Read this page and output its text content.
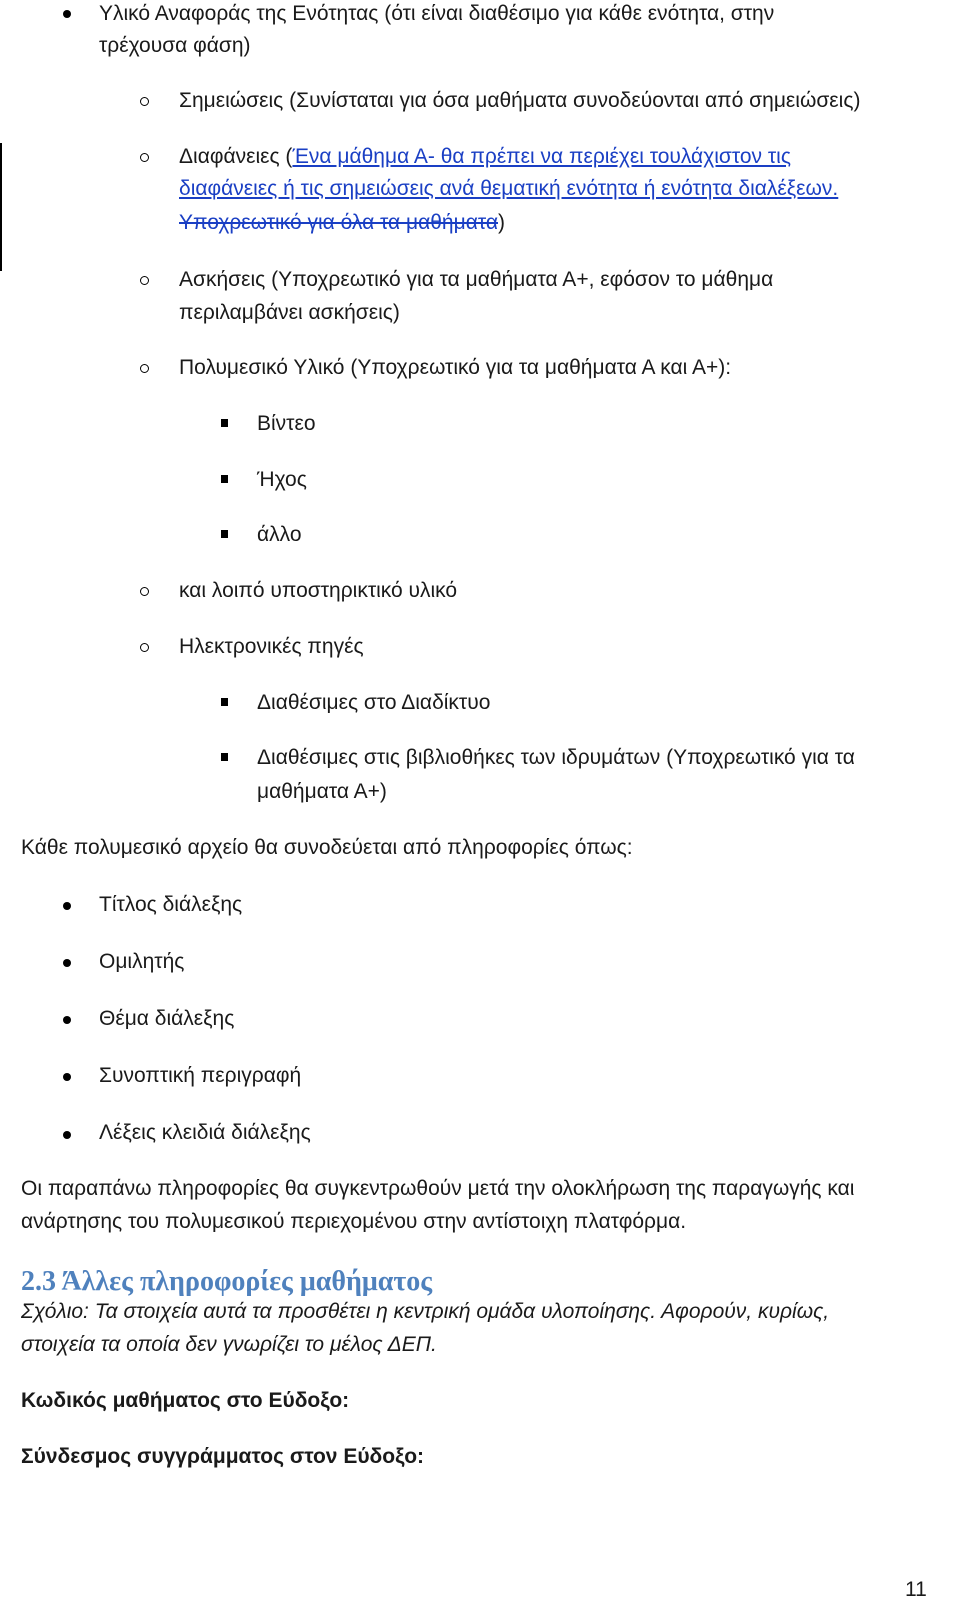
Υλικό Αναφοράς της Ενότητας (ότι είναι διαθέσιμο για κάθε ενότητα, στην
τρέχουσα φάση)
Σημειώσεις (Συνίσταται για όσα μαθήματα συνοδεύονται από σημειώσεις)
Διαφάνειες (Ένα μάθημα Α- θα πρέπει να περιέχει τουλάχιστον τις
διαφάνειες ή τις σημειώσεις ανά θεματική ενότητα ή ενότητα διαλέξεων.
Υποχρεωτικό για όλα τα μαθήματα)
Ασκήσεις (Υποχρεωτικό για τα μαθήματα Α+, εφόσον το μάθημα
περιλαμβάνει ασκήσεις)
Πολυμεσικό Υλικό (Υποχρεωτικό για τα μαθήματα Α και Α+):
Βίντεο
Ήχος
άλλο
και λοιπό υποστηρικτικό υλικό
Ηλεκτρονικές πηγές
Διαθέσιμες στο Διαδίκτυο
Διαθέσιμες στις βιβλιοθήκες των ιδρυμάτων (Υποχρεωτικό για τα
μαθήματα Α+)
Κάθε πολυμεσικό αρχείο θα συνοδεύεται από πληροφορίες όπως:
Τίτλος διάλεξης
Ομιλητής
Θέμα διάλεξης
Συνοπτική περιγραφή
Λέξεις κλειδιά διάλεξης
Οι παραπάνω πληροφορίες θα συγκεντρωθούν μετά την ολοκλήρωση της παραγωγής και
ανάρτησης του πολυμεσικού περιεχομένου στην αντίστοιχη πλατφόρμα.
2.3 Άλλες πληροφορίες μαθήματος
Σχόλιο: Τα στοιχεία αυτά τα προσθέτει η κεντρική ομάδα υλοποίησης. Αφορούν, κυρίως,
στοιχεία τα οποία δεν γνωρίζει το μέλος ΔΕΠ.
Κωδικός μαθήματος στο Εύδοξο:
Σύνδεσμος συγγράμματος στον Εύδοξο:
11
